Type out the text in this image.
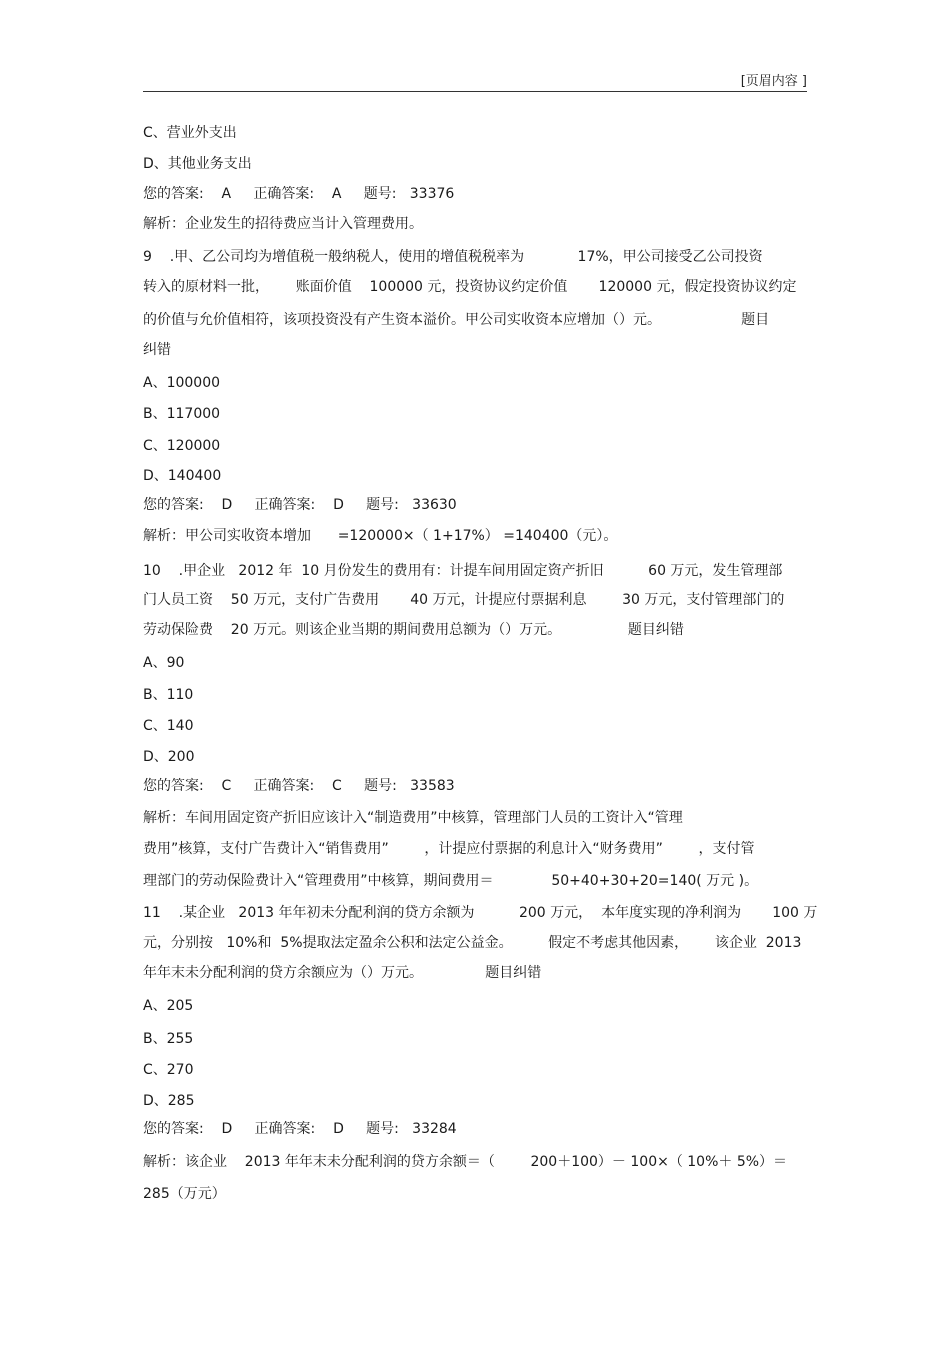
[页眉内容 ]
C、营业外支出
D、其他业务支出
您的答案:    A     正确答案:    A     题号:   33376
解析：企业发生的招待费应当计入管理费用。
9    .甲、乙公司均为增值税一般纳税人，使用的增值税税率为            17%，甲公司接受乙公司投资
转入的原材料一批，      账面价值    100000 元，投资协议约定价值       120000 元，假定投资协议约定
的价值与允价值相符，该项投资没有产生资本溢价。甲公司实收资本应增加（）元。                  题目
纠错
A、100000
B、117000
C、120000
D、140400
您的答案:    D     正确答案:    D     题号:   33630
解析：甲公司实收资本增加      =120000×（ 1+17%） =140400（元）。
10    .甲企业   2012 年  10 月份发生的费用有：计提车间用固定资产折旧          60 万元，发生管理部
门人员工资    50 万元，支付广告费用       40 万元，计提应付票据利息        30 万元，支付管理部门的
劳动保险费    20 万元。则该企业当期的期间费用总额为（）万元。               题目纠错
A、90
B、110
C、140
D、200
您的答案:    C     正确答案:    C     题号:   33583
解析：车间用固定资产折旧应该计入“制造费用”中核算，管理部门人员的工资计入“管理
费用”核算，支付广告费计入“销售费用”        ，计提应付票据的利息计入“财务费用”        ，支付管
理部门的劳动保险费计入“管理费用”中核算，期间费用＝             50+40+30+20=140( 万元 )。
11    .某企业   2013 年年初未分配利润的贷方余额为          200 万元，  本年度实现的净利润为       100 万
元，分别按   10%和  5%提取法定盈余公积和法定公益金。        假定不考虑其他因素，      该企业  2013
年年末未分配利润的贷方余额应为（）万元。              题目纠错
A、205
B、255
C、270
D、285
您的答案:    D     正确答案:    D     题号:   33284
解析：该企业    2013 年年末未分配利润的贷方余额＝（        200＋100）－ 100×（ 10%＋ 5%）＝
285（万元）
